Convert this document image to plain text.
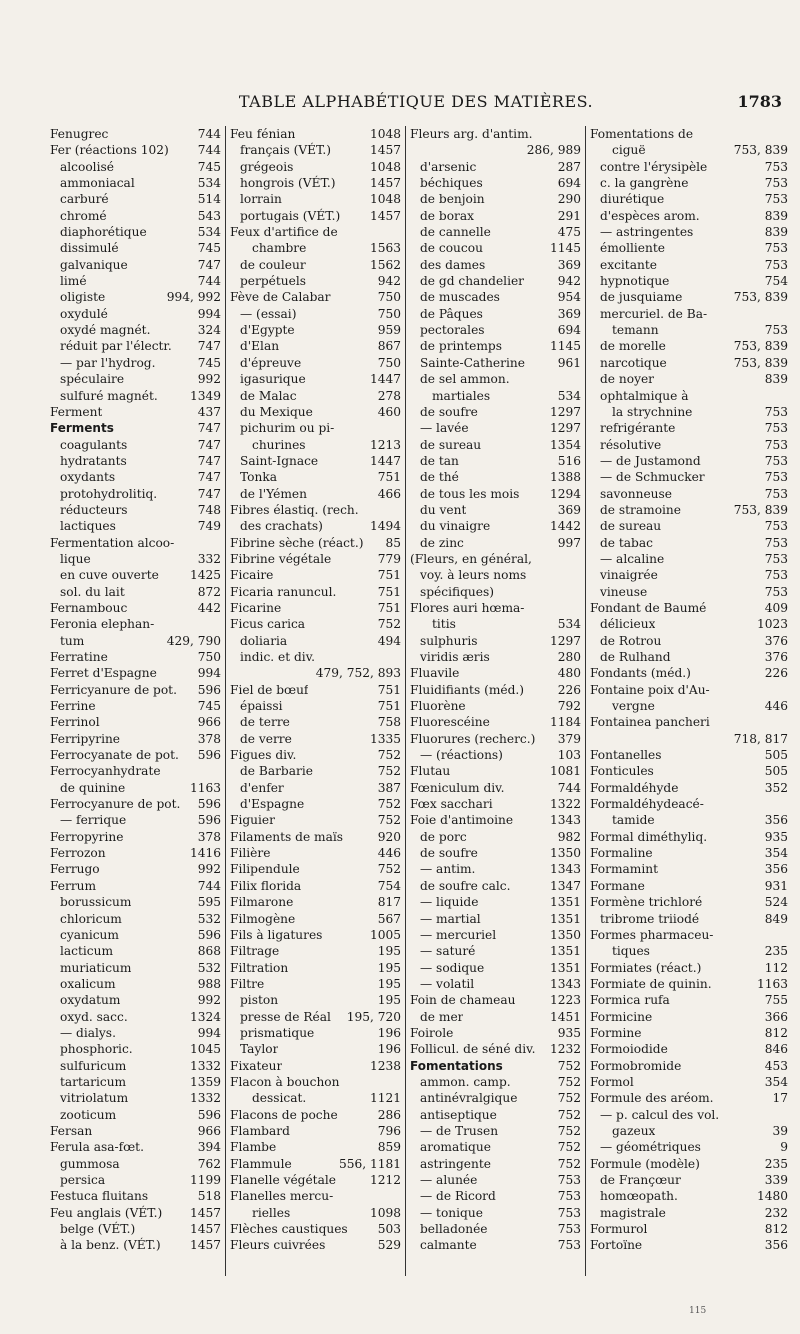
TABLE ALPHABÉTIQUE DES MATIÈRES.	1783
Fenugrec	744
Fer (réactions 102) 744
alcoolisé	745
ammoniacal	534
carburé	514
chromé	543
diaphorétique	534
dissimulé	745
galvanique	747
limé	744
oligiste	994, 992
oxydulé	994
oxydé magnét.	324
réduit par l'électr. 747
— par l'hydrog.	745
spéculaire	992
sulfuré magnét.	1349
Ferment	437
Ferments	747
coagulants	747
hydratants	747
oxydants	747
protohydrolitiq.	747
réducteurs	748
lactiques	749
Fermentation alcoo-
lique	332
en cuve ouverte	1425
sol. du lait	872
Fernambouc	442
Feronia elephan-
tum	429, 790
Ferratine	750
Ferret d'Espagne	994
Ferricyanure de pot. 596
Ferrine	745
Ferrinol	966
Ferripyrine	378
Ferrocyanate de pot. 596
Ferrocyanhydrate
de quinine	1163
Ferrocyanure de pot. 596
— ferrique	596
Ferropyrine	378
Ferrozon	1416
Ferrugo	992
Ferrum	744
borussicum	595
chloricum	532
cyanicum	596
lacticum	868
muriaticum	532
oxalicum	988
oxydatum	992
oxyd. sacc.	1324
— dialys.	994
phosphoric.	1045
sulfuricum	1332
tartaricum	1359
vitriolatum	1332
zooticum	596
Fersan	966
Ferula asa-fœt.	394
gummosa	762
persica	1199
Festuca fluitans	518
Feu anglais (VÉT.) 1457
belge (VÉT.)	1457
à la benz. (VÉT.) 1457
Feu fénian	1048
français (VÉT.)	1457
grégeois	1048
hongrois (VÉT.)	1457
lorrain	1048
portugais (VÉT.) 1457
Feux d'artifice de
chambre	1563
de couleur	1562
perpétuels	942
Fève de Calabar	750
— (essai)	750
d'Egypte	959
d'Elan	867
d'épreuve	750
igasurique	1447
de Malac	278
du Mexique	460
pichurim ou pi-
churines	1213
Saint-Ignace	1447
Tonka	751
de l'Yémen	466
Fibres élastiq. (rech.
des crachats)	1494
Fibrine sèche (réact.) 85
Fibrine végétale	779
Ficaire	751
Ficaria ranuncul.	751
Ficarine	751
Ficus carica	752
doliaria	494
indic. et div.
479, 752, 893
Fiel de bœuf	751
épaissi	751
de terre	758
de verre	1335
Figues div.	752
de Barbarie	752
d'enfer	387
d'Espagne	752
Figuier	752
Filaments de maïs	920
Filière	446
Filipendule	752
Filix florida	754
Filmarone	817
Filmogène	567
Fils à ligatures	1005
Filtrage	195
Filtration	195
Filtre	195
piston	195
presse de Réal 195, 720
prismatique	196
Taylor	196
Fixateur	1238
Flacon à bouchon
dessicat.	1121
Flacons de poche	286
Flambard	796
Flambe	859
Flammule	556, 1181
Flanelle végétale	1212
Flanelles mercu-
rielles	1098
Flèches caustiques 503
Fleurs cuivrées	529
Fleurs arg. d'antim.
286, 989
d'arsenic	287
béchiques	694
de benjoin	290
de borax	291
de cannelle	475
de coucou	1145
des dames	369
de gd chandelier	942
de muscades	954
de Pâques	369
pectorales	694
de printemps	1145
Sainte-Catherine	961
de sel ammon.
martiales	534
de soufre	1297
— lavée	1297
de sureau	1354
de tan	516
de thé	1388
de tous les mois	1294
du vent	369
du vinaigre	1442
de zinc	997
(Fleurs, en général,
voy. à leurs noms
spécifiques)
Flores auri hœma-
titis	534
sulphuris	1297
viridis æris	280
Fluavile	480
Fluidifiants (méd.)	226
Fluorène	792
Fluorescéine	1184
Fluorures (recherc.) 379
— (réactions)	103
Flutau	1081
Fœniculum div.	744
Fœx sacchari	1322
Foie d'antimoine	1343
de porc	982
de soufre	1350
— antim.	1343
de soufre calc.	1347
— liquide	1351
— martial	1351
— mercuriel	1350
— saturé	1351
— sodique	1351
— volatil	1343
Foin de chameau	1223
de mer	1451
Foirole	935
Follicul. de séné div. 1232
Fomentations	752
ammon. camp.	752
antinévralgique	752
antiseptique	752
— de Trusen	752
aromatique	752
astringente	752
— alunée	753
— de Ricord	753
— tonique	753
belladonée	753
calmante	753
Fomentations de
ciguë	753, 839
contre l'érysipèle	753
c. la gangrène	753
diurétique	753
d'espèces arom.	839
— astringentes	839
émolliente	753
excitante	753
hypnotique	754
de jusquiame	753, 839
mercuriel. de Ba-
temann	753
de morelle	753, 839
narcotique	753, 839
de noyer	839
ophtalmique à
la strychnine	753
refrigérante	753
résolutive	753
— de Justamond	753
— de Schmucker	753
savonneuse	753
de stramoine	753, 839
de sureau	753
de tabac	753
— alcaline	753
vinaigrée	753
vineuse	753
Fondant de Baumé	409
délicieux	1023
de Rotrou	376
de Rulhand	376
Fondants (méd.)	226
Fontaine poix d'Au-
vergne	446
Fontainea pancheri
718, 817
Fontanelles	505
Fonticules	505
Formaldéhyde	352
Formaldéhydeacé-
tamide	356
Formal diméthyliq.	935
Formaline	354
Formamint	356
Formane	931
Formène trichloré	524
tribrome triiodé	849
Formes pharmaceu-
tiques	235
Formiates (réact.)	112
Formiate de quinin.	1163
Formica rufa	755
Formicine	366
Formine	812
Formoiodide	846
Formobromide	453
Formol	354
Formule des aréom.	17
— p. calcul des vol.
gazeux	39
— géométriques	9
Formule (modèle)	235
de Françœur	339
homœopath.	1480
magistrale	232
Formurol	812
Fortoïne	356
115
